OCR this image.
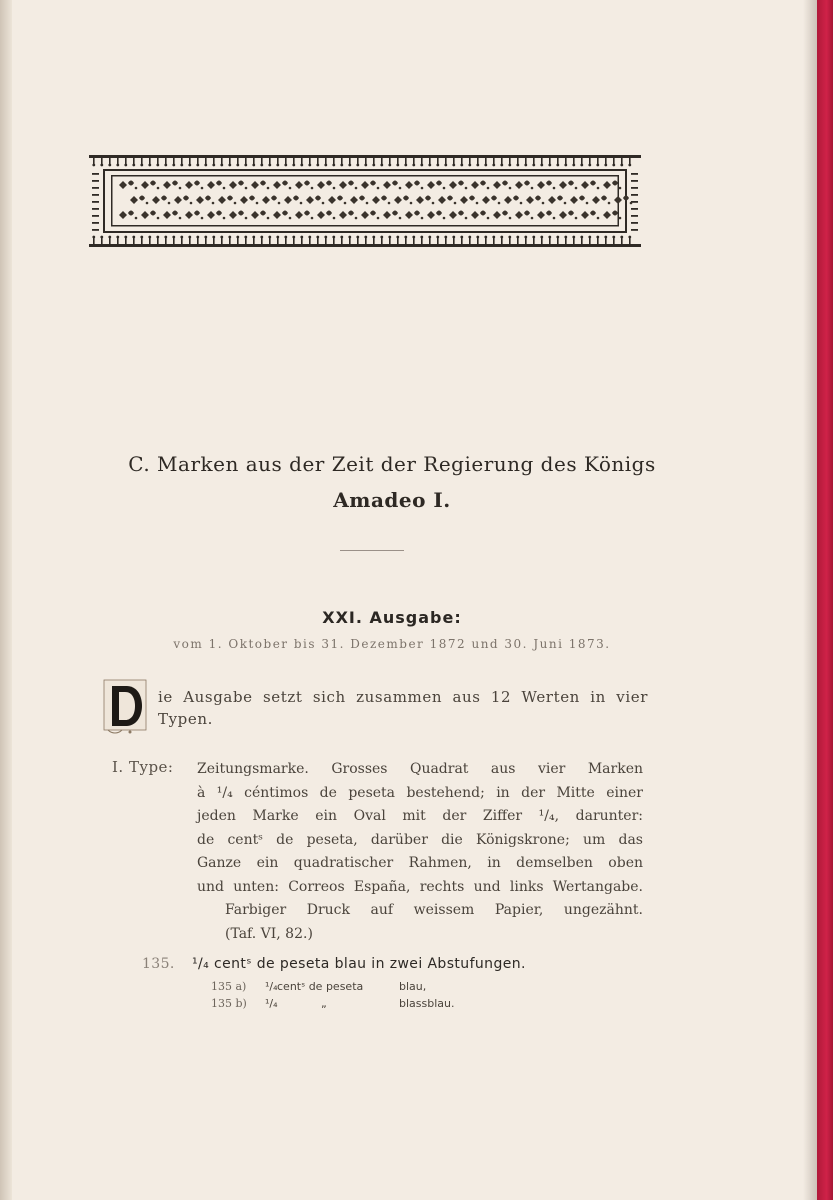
C. Marken aus der Zeit der Regierung des Königs
Amadeo I.
XXI. Ausgabe:
vom 1. Oktober bis 31. Dezember 1872 und 30. Juni 1873.
ie Ausgabe setzt sich zusammen aus 12 Werten in vier
Typen.
I. Type: Zeitungsmarke. Grosses Quadrat aus vier Marken
à ¹/₄ céntimos de peseta bestehend; in der Mitte einer
jeden Marke ein Oval mit der Ziffer ¹/₄, darunter:
de centˢ de peseta, darüber die Königskrone; um das
Ganze ein quadratischer Rahmen, in demselben oben
und unten: Correos España, rechts und links Wertangabe.
Farbiger Druck auf weissem Papier, ungezähnt.
(Taf. VI, 82.)
135. ¹/₄ centˢ de peseta blau in zwei Abstufungen.
135 a) ¹/₄ centˢ de peseta	blau,
135 b) ¹/₄	„	blassblau.
